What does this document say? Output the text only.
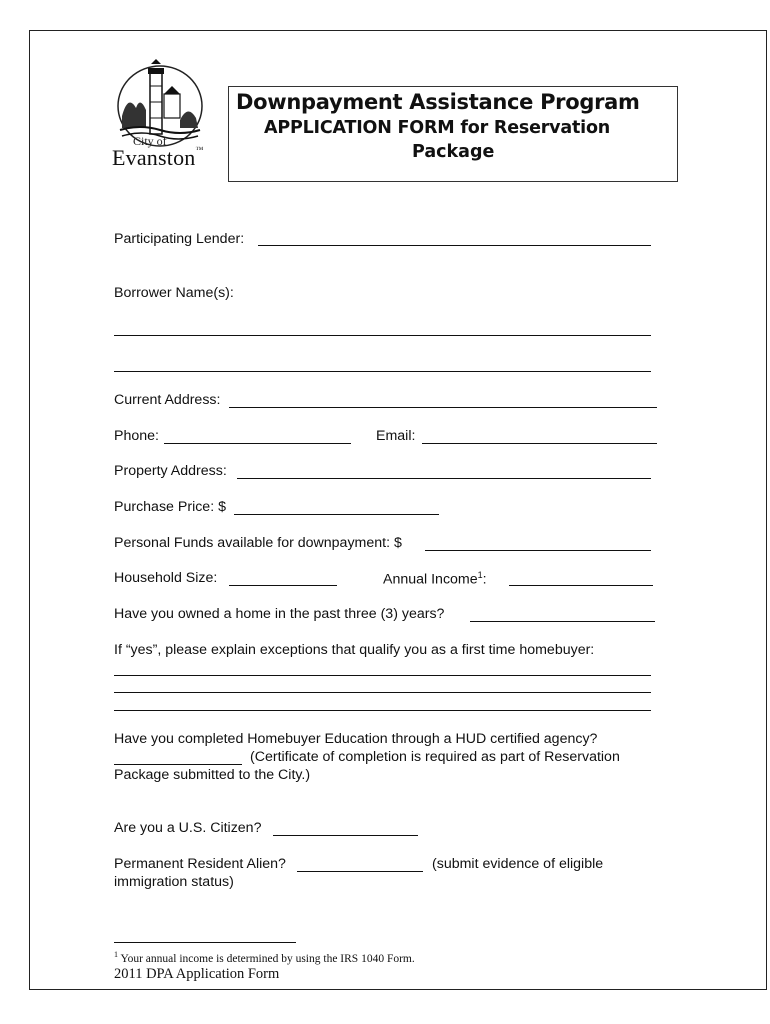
City of
Evanston™
Downpayment Assistance Program
APPLICATION FORM for Reservation
Package
Participating Lender:
Borrower Name(s):
Current Address:
Phone:	Email:
Property Address:
Purchase Price: $
Personal Funds available for downpayment: $
Household Size:	Annual Income$^1$:
Have you owned a home in the past three (3) years?
If “yes”, please explain exceptions that qualify you as a first time homebuyer:
Have you completed Homebuyer Education through a HUD certified agency?
(Certificate of completion is required as part of Reservation
Package submitted to the City.)
Are you a U.S. Citizen?
Permanent Resident Alien?	(submit evidence of eligible
immigration status)
$^1$ Your annual income is determined by using the IRS 1040 Form.
2011 DPA Application Form
